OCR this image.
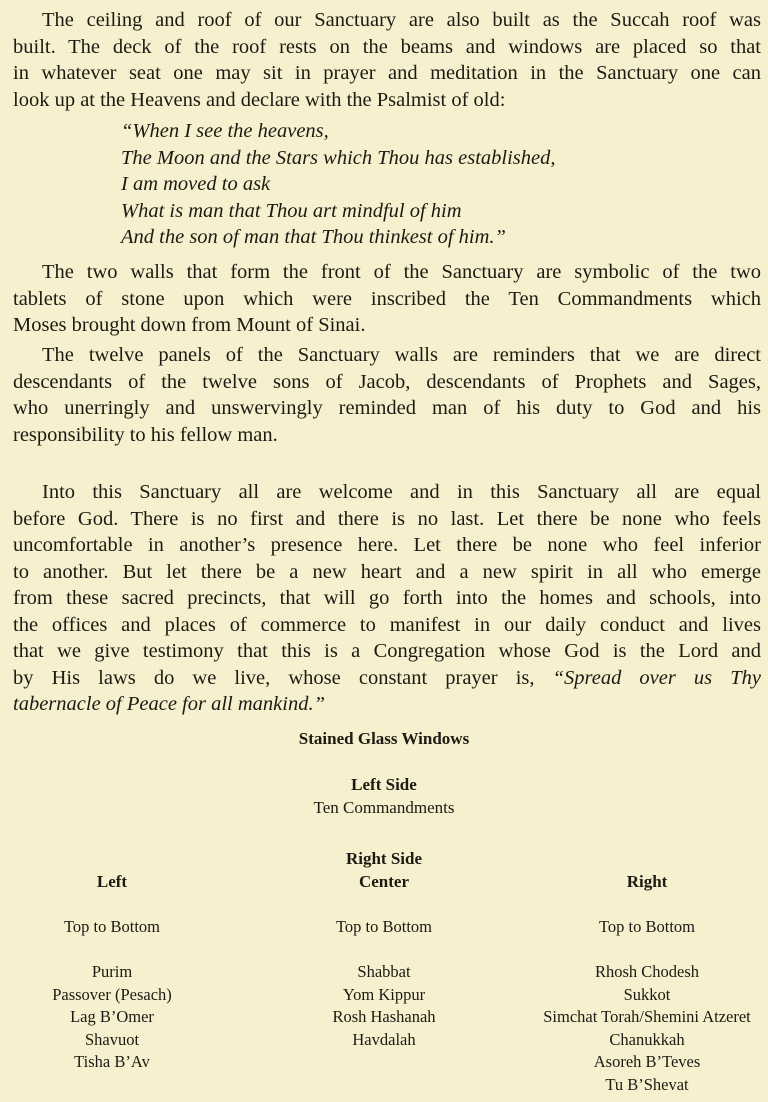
The ceiling and roof of our Sanctuary are also built as the Succah roof was
built. The deck of the roof rests on the beams and windows are placed so that
in whatever seat one may sit in prayer and meditation in the Sanctuary one can
look up at the Heavens and declare with the Psalmist of old:
“When I see the heavens,
The Moon and the Stars which Thou has established,
I am moved to ask
What is man that Thou art mindful of him
And the son of man that Thou thinkest of him.”
The two walls that form the front of the Sanctuary are symbolic of the two
tablets of stone upon which were inscribed the Ten Commandments which
Moses brought down from Mount of Sinai.
The twelve panels of the Sanctuary walls are reminders that we are direct
descendants of the twelve sons of Jacob, descendants of Prophets and Sages,
who unerringly and unswervingly reminded man of his duty to God and his
responsibility to his fellow man.
Into this Sanctuary all are welcome and in this Sanctuary all are equal
before God. There is no first and there is no last. Let there be none who feels
uncomfortable in another’s presence here. Let there be none who feel inferior
to another. But let there be a new heart and a new spirit in all who emerge
from these sacred precincts, that will go forth into the homes and schools, into
the offices and places of commerce to manifest in our daily conduct and lives
that we give testimony that this is a Congregation whose God is the Lord and
by His laws do we live, whose constant prayer is, “Spread over us Thy
tabernacle of Peace for all mankind.”
Stained Glass Windows
Left Side
Ten Commandments
Right Side
Left
Top to Bottom
Purim
Passover (Pesach)
Lag B’Omer
Shavuot
Tisha B’Av
Center
Top to Bottom
Shabbat
Yom Kippur
Rosh Hashanah
Havdalah
Right
Top to Bottom
Rhosh Chodesh
Sukkot
Simchat Torah/Shemini Atzeret
Chanukkah
Asoreh B’Teves
Tu B’Shevat
